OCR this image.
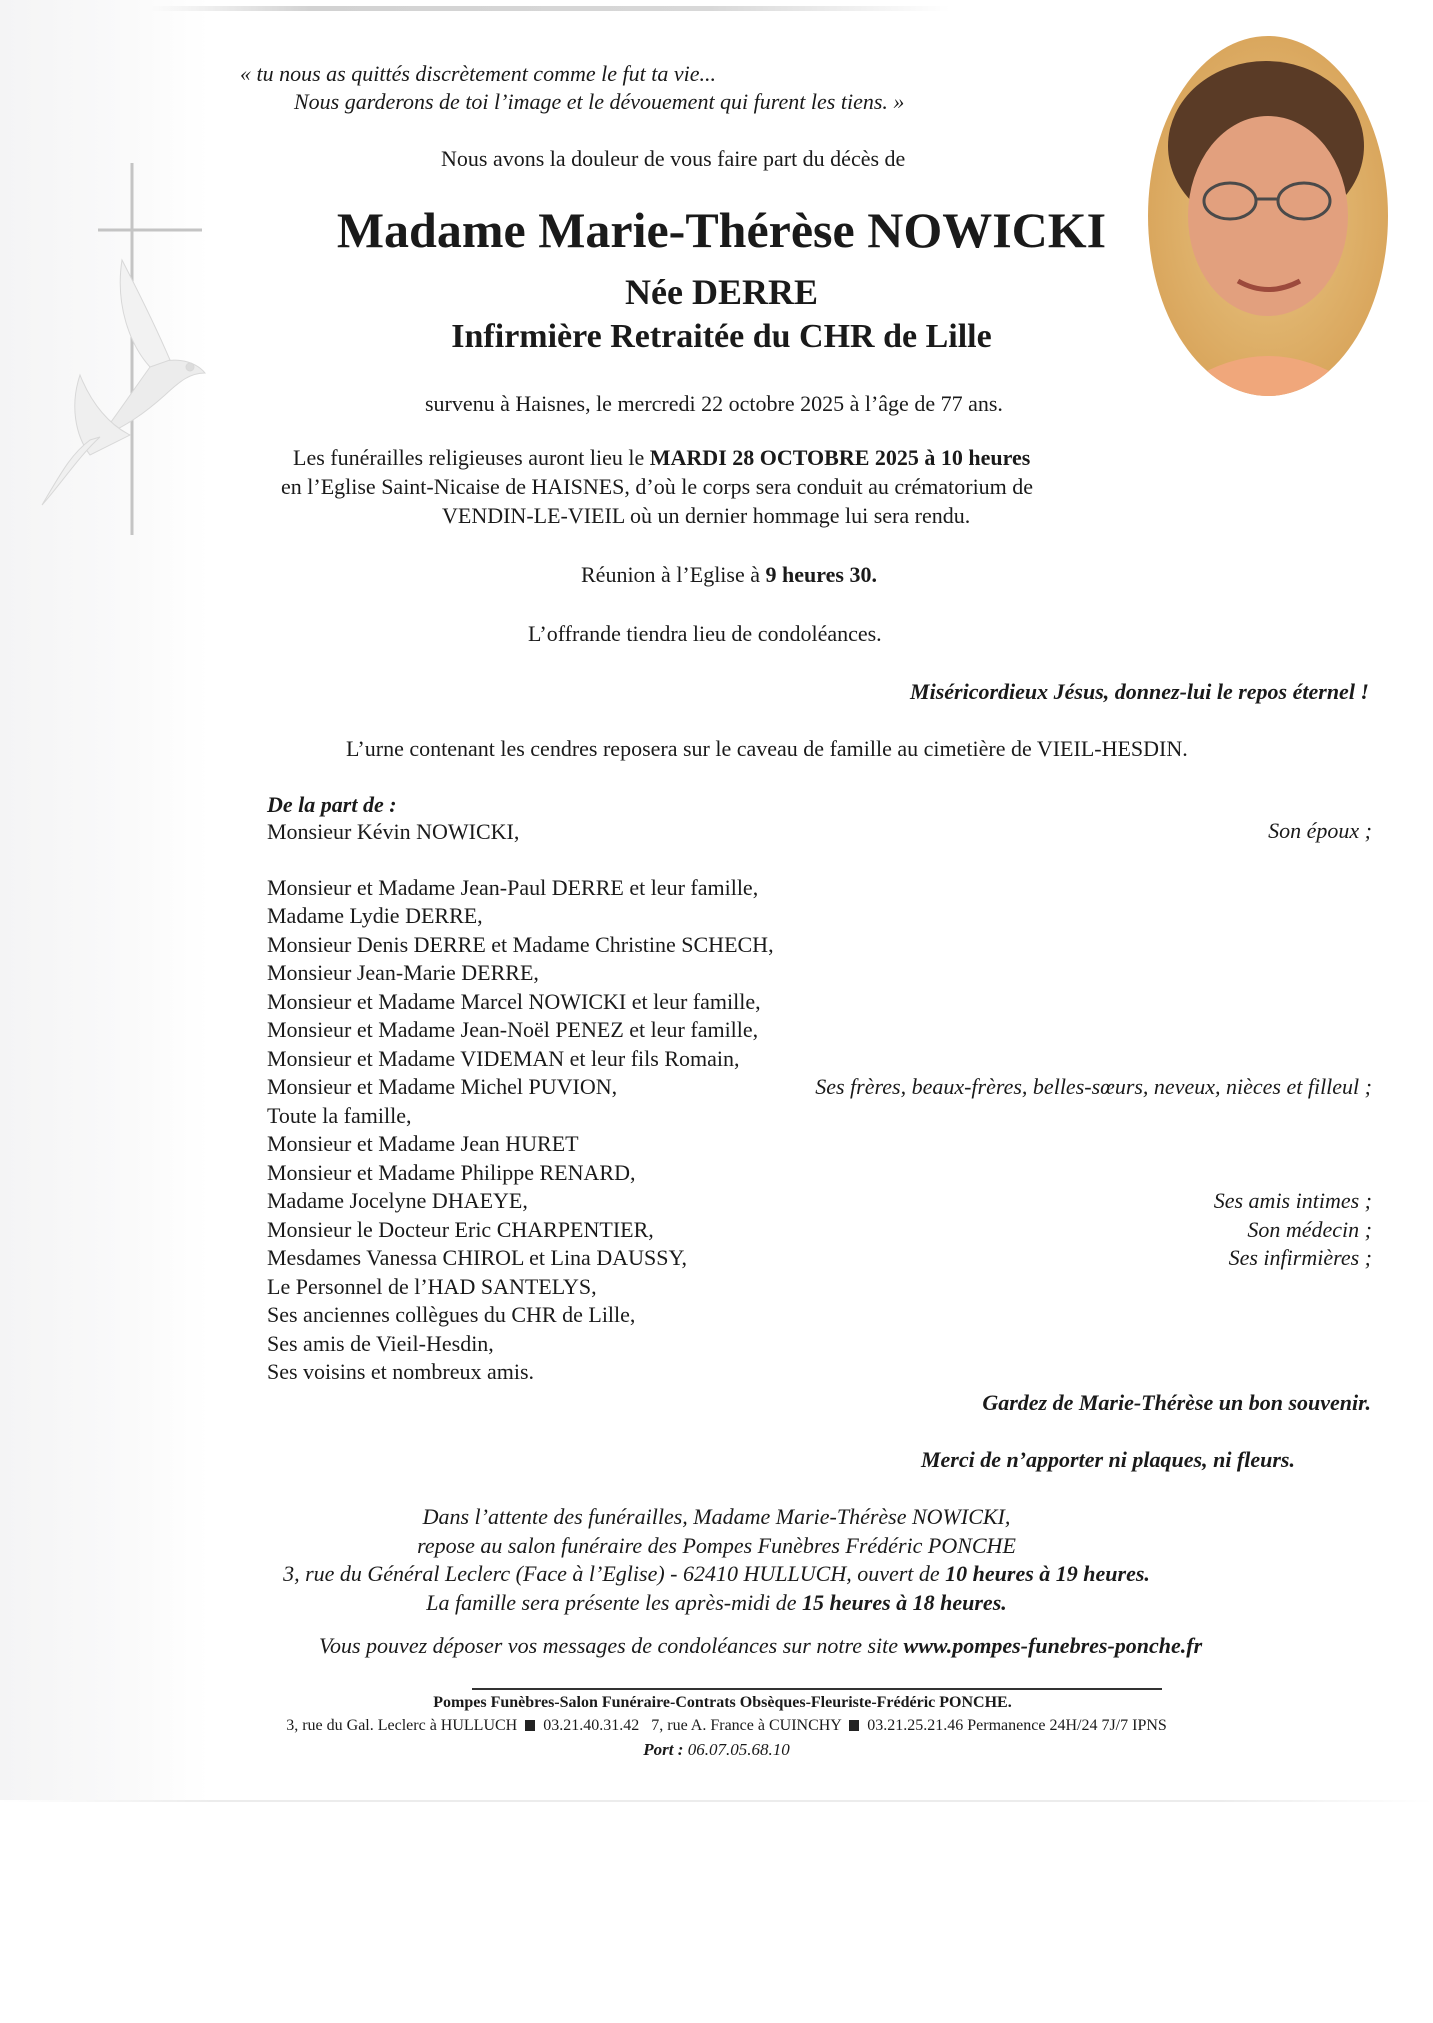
« tu nous as quittés discrètement comme le fut ta vie...
Nous garderons de toi l’image et le dévouement qui furent les tiens. »
Nous avons la douleur de vous faire part du décès de
Madame Marie-Thérèse NOWICKI
Née DERRE
Infirmière Retraitée du CHR de Lille
survenu à Haisnes, le mercredi 22 octobre 2025 à l’âge de 77 ans.
Les funérailles religieuses auront lieu le MARDI 28 OCTOBRE 2025 à 10 heures
en l’Eglise Saint-Nicaise de HAISNES, d’où le corps sera conduit au crématorium de
VENDIN-LE-VIEIL où un dernier hommage lui sera rendu.
Réunion à l’Eglise à 9 heures 30.
L’offrande tiendra lieu de condoléances.
Miséricordieux Jésus, donnez-lui le repos éternel !
L’urne contenant les cendres reposera sur le caveau de famille au cimetière de VIEIL-HESDIN.
De la part de :
Monsieur Kévin NOWICKI,	Son époux ;
Monsieur et Madame Jean-Paul DERRE et leur famille,
Madame Lydie DERRE,
Monsieur Denis DERRE et Madame Christine SCHECH,
Monsieur Jean-Marie DERRE,
Monsieur et Madame Marcel NOWICKI et leur famille,
Monsieur et Madame Jean-Noël PENEZ et leur famille,
Monsieur et Madame VIDEMAN et leur fils Romain,
Monsieur et Madame Michel PUVION,	Ses frères, beaux-frères, belles-sœurs, neveux, nièces et filleul ;
Toute la famille,
Monsieur et Madame Jean HURET
Monsieur et Madame Philippe RENARD,
Madame Jocelyne DHAEYE,	Ses amis intimes ;
Monsieur le Docteur Eric CHARPENTIER,	Son médecin ;
Mesdames Vanessa CHIROL et Lina DAUSSY,	Ses infirmières ;
Le Personnel de l’HAD SANTELYS,
Ses anciennes collègues du CHR de Lille,
Ses amis de Vieil-Hesdin,
Ses voisins et nombreux amis.
Gardez de Marie-Thérèse un bon souvenir.
Merci de n’apporter ni plaques, ni fleurs.
Dans l’attente des funérailles, Madame Marie-Thérèse NOWICKI,
repose au salon funéraire des Pompes Funèbres Frédéric PONCHE
3, rue du Général Leclerc (Face à l’Eglise) - 62410 HULLUCH, ouvert de 10 heures à 19 heures.
La famille sera présente les après-midi de 15 heures à 18 heures.
Vous pouvez déposer vos messages de condoléances sur notre site www.pompes-funebres-ponche.fr
Pompes Funèbres-Salon Funéraire-Contrats Obsèques-Fleuriste-Frédéric PONCHE.
3, rue du Gal. Leclerc à HULLUCH 03.21.40.31.42 7, rue A. France à CUINCHY 03.21.25.21.46 Permanence 24H/24 7J/7 IPNS
Port : 06.07.05.68.10
